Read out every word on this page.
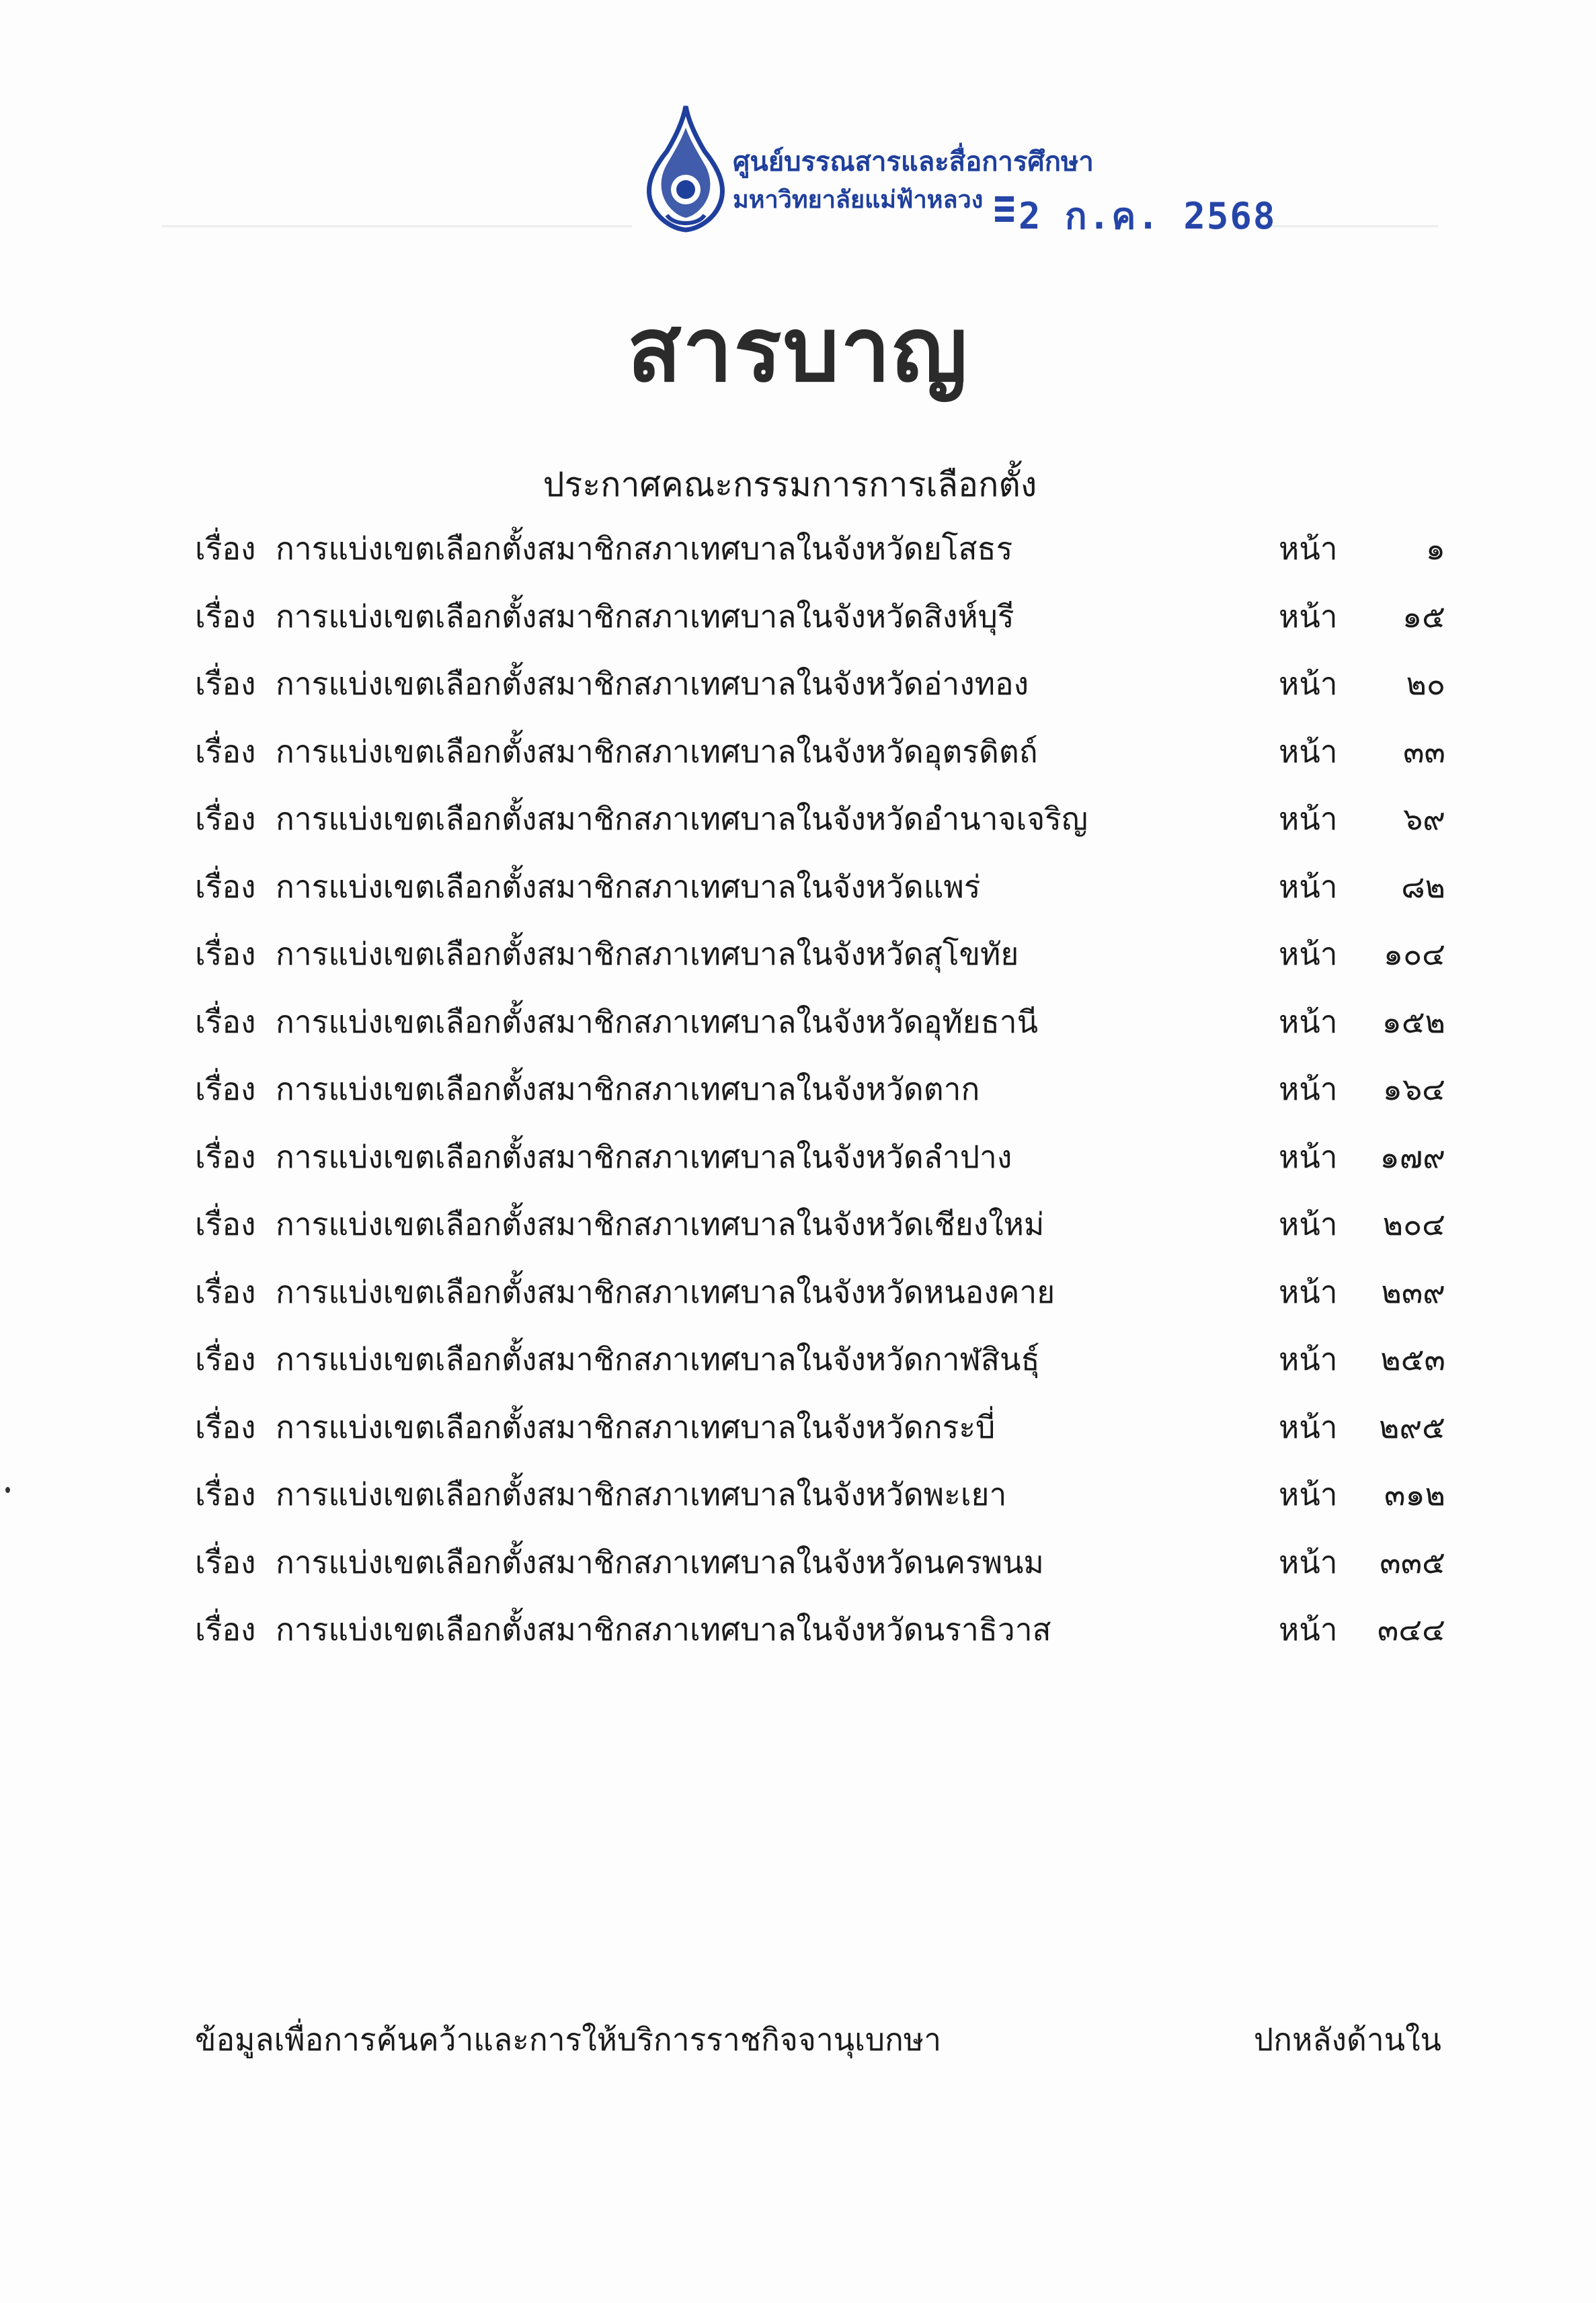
ศูนย์บรรณสารและสื่อการศึกษา
มหาวิทยาลัยแม่ฟ้าหลวง 2 ก.ค. 2568
สารบาญ
ประกาศคณะกรรมการการเลือกตั้ง
เรื่อง การแบ่งเขตเลือกตั้งสมาชิกสภาเทศบาลในจังหวัดยโสธร	หน้า	๑
เรื่อง การแบ่งเขตเลือกตั้งสมาชิกสภาเทศบาลในจังหวัดสิงห์บุรี	หน้า ๑๕
เรื่อง การแบ่งเขตเลือกตั้งสมาชิกสภาเทศบาลในจังหวัดอ่างทอง	หน้า ๒๐
เรื่อง การแบ่งเขตเลือกตั้งสมาชิกสภาเทศบาลในจังหวัดอุตรดิตถ์	หน้า ๓๓
เรื่อง การแบ่งเขตเลือกตั้งสมาชิกสภาเทศบาลในจังหวัดอำนาจเจริญ	หน้า ๖๙
เรื่อง การแบ่งเขตเลือกตั้งสมาชิกสภาเทศบาลในจังหวัดแพร่	หน้า ๘๒
เรื่อง การแบ่งเขตเลือกตั้งสมาชิกสภาเทศบาลในจังหวัดสุโขทัย	หน้า ๑๐๔
เรื่อง การแบ่งเขตเลือกตั้งสมาชิกสภาเทศบาลในจังหวัดอุทัยธานี	หน้า ๑๕๒
เรื่อง การแบ่งเขตเลือกตั้งสมาชิกสภาเทศบาลในจังหวัดตาก	หน้า ๑๖๔
เรื่อง การแบ่งเขตเลือกตั้งสมาชิกสภาเทศบาลในจังหวัดลำปาง	หน้า ๑๗๙
เรื่อง การแบ่งเขตเลือกตั้งสมาชิกสภาเทศบาลในจังหวัดเชียงใหม่	หน้า ๒๐๔
เรื่อง การแบ่งเขตเลือกตั้งสมาชิกสภาเทศบาลในจังหวัดหนองคาย	หน้า ๒๓๙
เรื่อง การแบ่งเขตเลือกตั้งสมาชิกสภาเทศบาลในจังหวัดกาฬสินธุ์	หน้า ๒๕๓
เรื่อง การแบ่งเขตเลือกตั้งสมาชิกสภาเทศบาลในจังหวัดกระบี่	หน้า ๒๙๕
เรื่อง การแบ่งเขตเลือกตั้งสมาชิกสภาเทศบาลในจังหวัดพะเยา	หน้า ๓๑๒
เรื่อง การแบ่งเขตเลือกตั้งสมาชิกสภาเทศบาลในจังหวัดนครพนม	หน้า ๓๓๕
เรื่อง การแบ่งเขตเลือกตั้งสมาชิกสภาเทศบาลในจังหวัดนราธิวาส	หน้า ๓๔๔
ข้อมูลเพื่อการค้นคว้าและการให้บริการราชกิจจานุเบกษา	ปกหลังด้านใน
